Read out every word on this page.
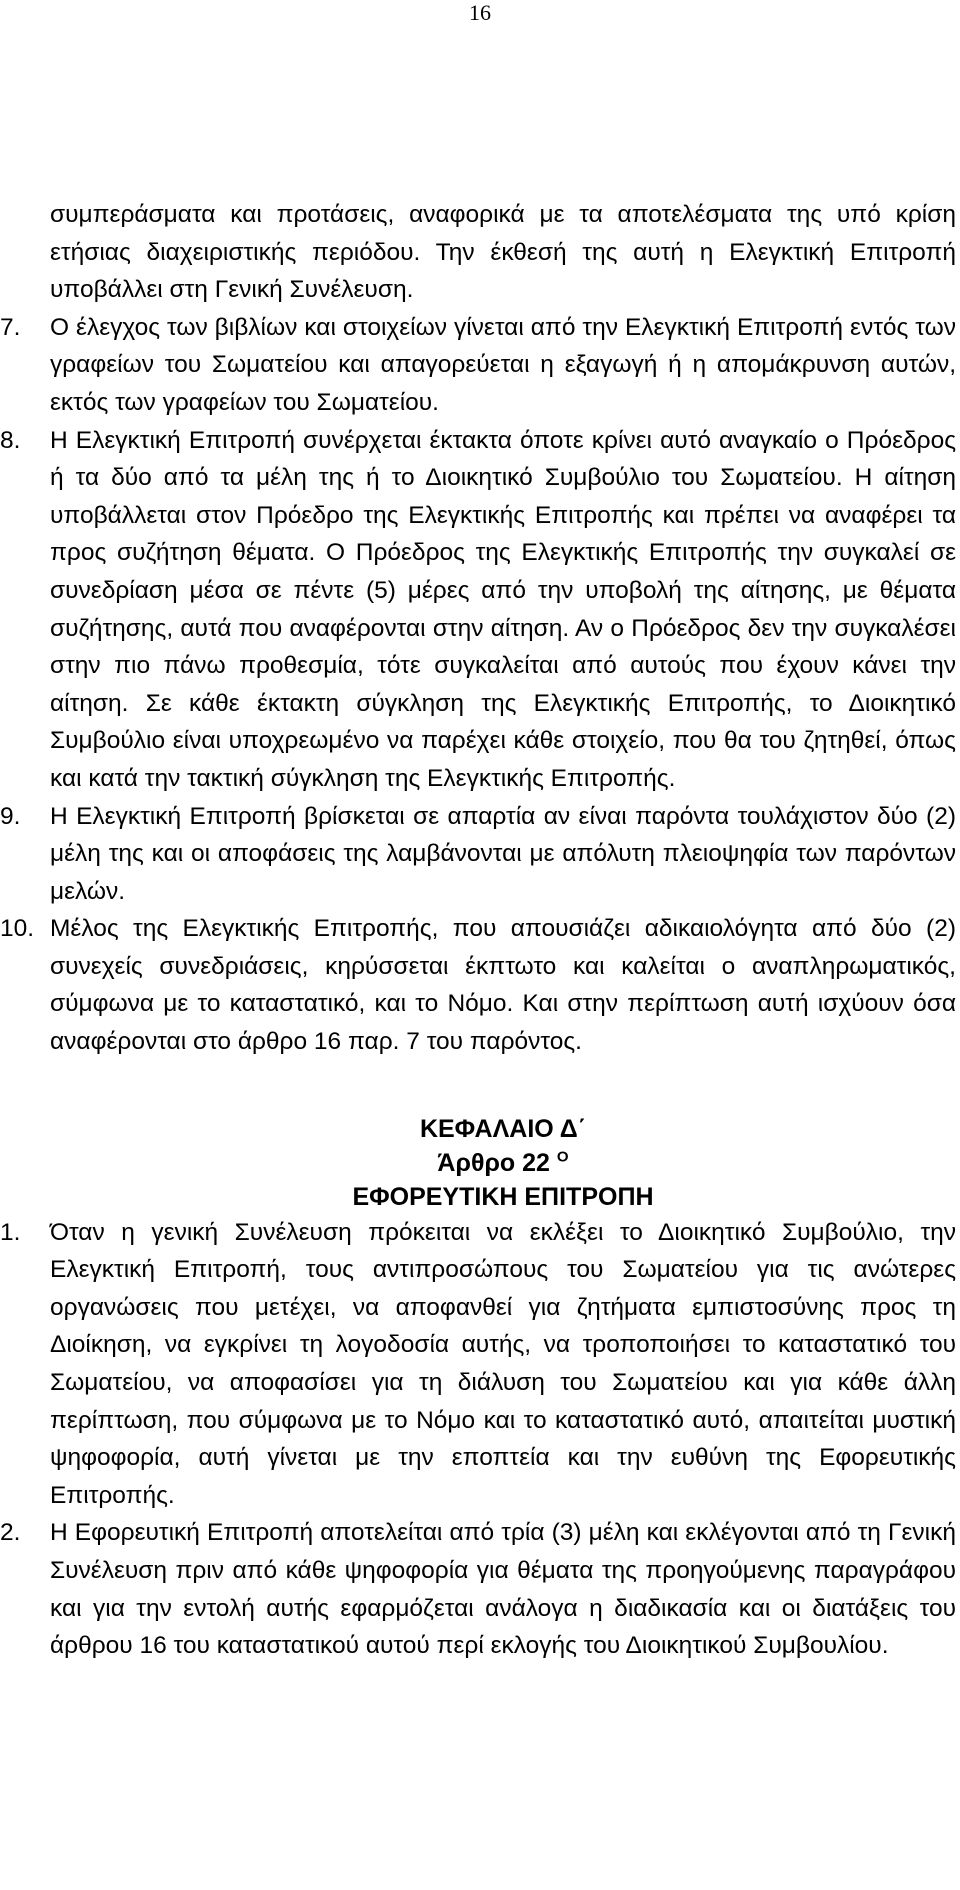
16
συμπεράσματα και προτάσεις, αναφορικά με τα αποτελέσματα της υπό κρίση ετήσιας διαχειριστικής περιόδου. Την έκθεσή της αυτή η Ελεγκτική Επιτροπή υποβάλλει στη Γενική Συνέλευση.
7. Ο έλεγχος των βιβλίων και στοιχείων γίνεται από την Ελεγκτική Επιτροπή εντός των γραφείων του Σωματείου και απαγορεύεται η εξαγωγή ή η απομάκρυνση αυτών, εκτός των γραφείων του Σωματείου.
8. Η Ελεγκτική Επιτροπή συνέρχεται έκτακτα όποτε κρίνει αυτό αναγκαίο ο Πρόεδρος ή τα δύο από τα μέλη της ή το Διοικητικό Συμβούλιο του Σωματείου. Η αίτηση υποβάλλεται στον Πρόεδρο της Ελεγκτικής Επιτροπής και πρέπει να αναφέρει τα προς συζήτηση θέματα. Ο Πρόεδρος της Ελεγκτικής Επιτροπής την συγκαλεί σε συνεδρίαση μέσα σε πέντε (5) μέρες από την υποβολή της αίτησης, με θέματα συζήτησης, αυτά που αναφέρονται στην αίτηση. Αν ο Πρόεδρος δεν την συγκαλέσει στην πιο πάνω προθεσμία, τότε συγκαλείται από αυτούς που έχουν κάνει την αίτηση. Σε κάθε έκτακτη σύγκληση της Ελεγκτικής Επιτροπής, το Διοικητικό Συμβούλιο είναι υποχρεωμένο να παρέχει κάθε στοιχείο, που θα του ζητηθεί, όπως και κατά την τακτική σύγκληση της Ελεγκτικής Επιτροπής.
9. Η Ελεγκτική Επιτροπή βρίσκεται σε απαρτία αν είναι παρόντα τουλάχιστον δύο (2) μέλη της και οι αποφάσεις της λαμβάνονται με απόλυτη πλειοψηφία των παρόντων μελών.
10. Μέλος της Ελεγκτικής Επιτροπής, που απουσιάζει αδικαιολόγητα από δύο (2) συνεχείς συνεδριάσεις, κηρύσσεται έκπτωτο και καλείται ο αναπληρωματικός, σύμφωνα με το καταστατικό, και το Νόμο. Και στην περίπτωση αυτή ισχύουν όσα αναφέρονται στο άρθρο 16 παρ. 7 του παρόντος.
ΚΕΦΑΛΑΙΟ Δ΄
Άρθρο 22 $^O$
ΕΦΟΡΕΥΤΙΚΗ ΕΠΙΤΡΟΠΗ
1. Όταν η γενική Συνέλευση πρόκειται να εκλέξει το Διοικητικό Συμβούλιο, την Ελεγκτική Επιτροπή, τους αντιπροσώπους του Σωματείου για τις ανώτερες οργανώσεις που μετέχει, να αποφανθεί για ζητήματα εμπιστοσύνης προς τη Διοίκηση, να εγκρίνει τη λογοδοσία αυτής, να τροποποιήσει το καταστατικό του Σωματείου, να αποφασίσει για τη διάλυση του Σωματείου και για κάθε άλλη περίπτωση, που σύμφωνα με το Νόμο και το καταστατικό αυτό, απαιτείται μυστική ψηφοφορία, αυτή γίνεται με την εποπτεία και την ευθύνη της Εφορευτικής Επιτροπής.
2. Η Εφορευτική Επιτροπή αποτελείται από τρία (3) μέλη και εκλέγονται από τη Γενική Συνέλευση πριν από κάθε ψηφοφορία για θέματα της προηγούμενης παραγράφου και για την εντολή αυτής εφαρμόζεται ανάλογα η διαδικασία και οι διατάξεις του άρθρου 16 του καταστατικού αυτού περί εκλογής του Διοικητικού Συμβουλίου.
